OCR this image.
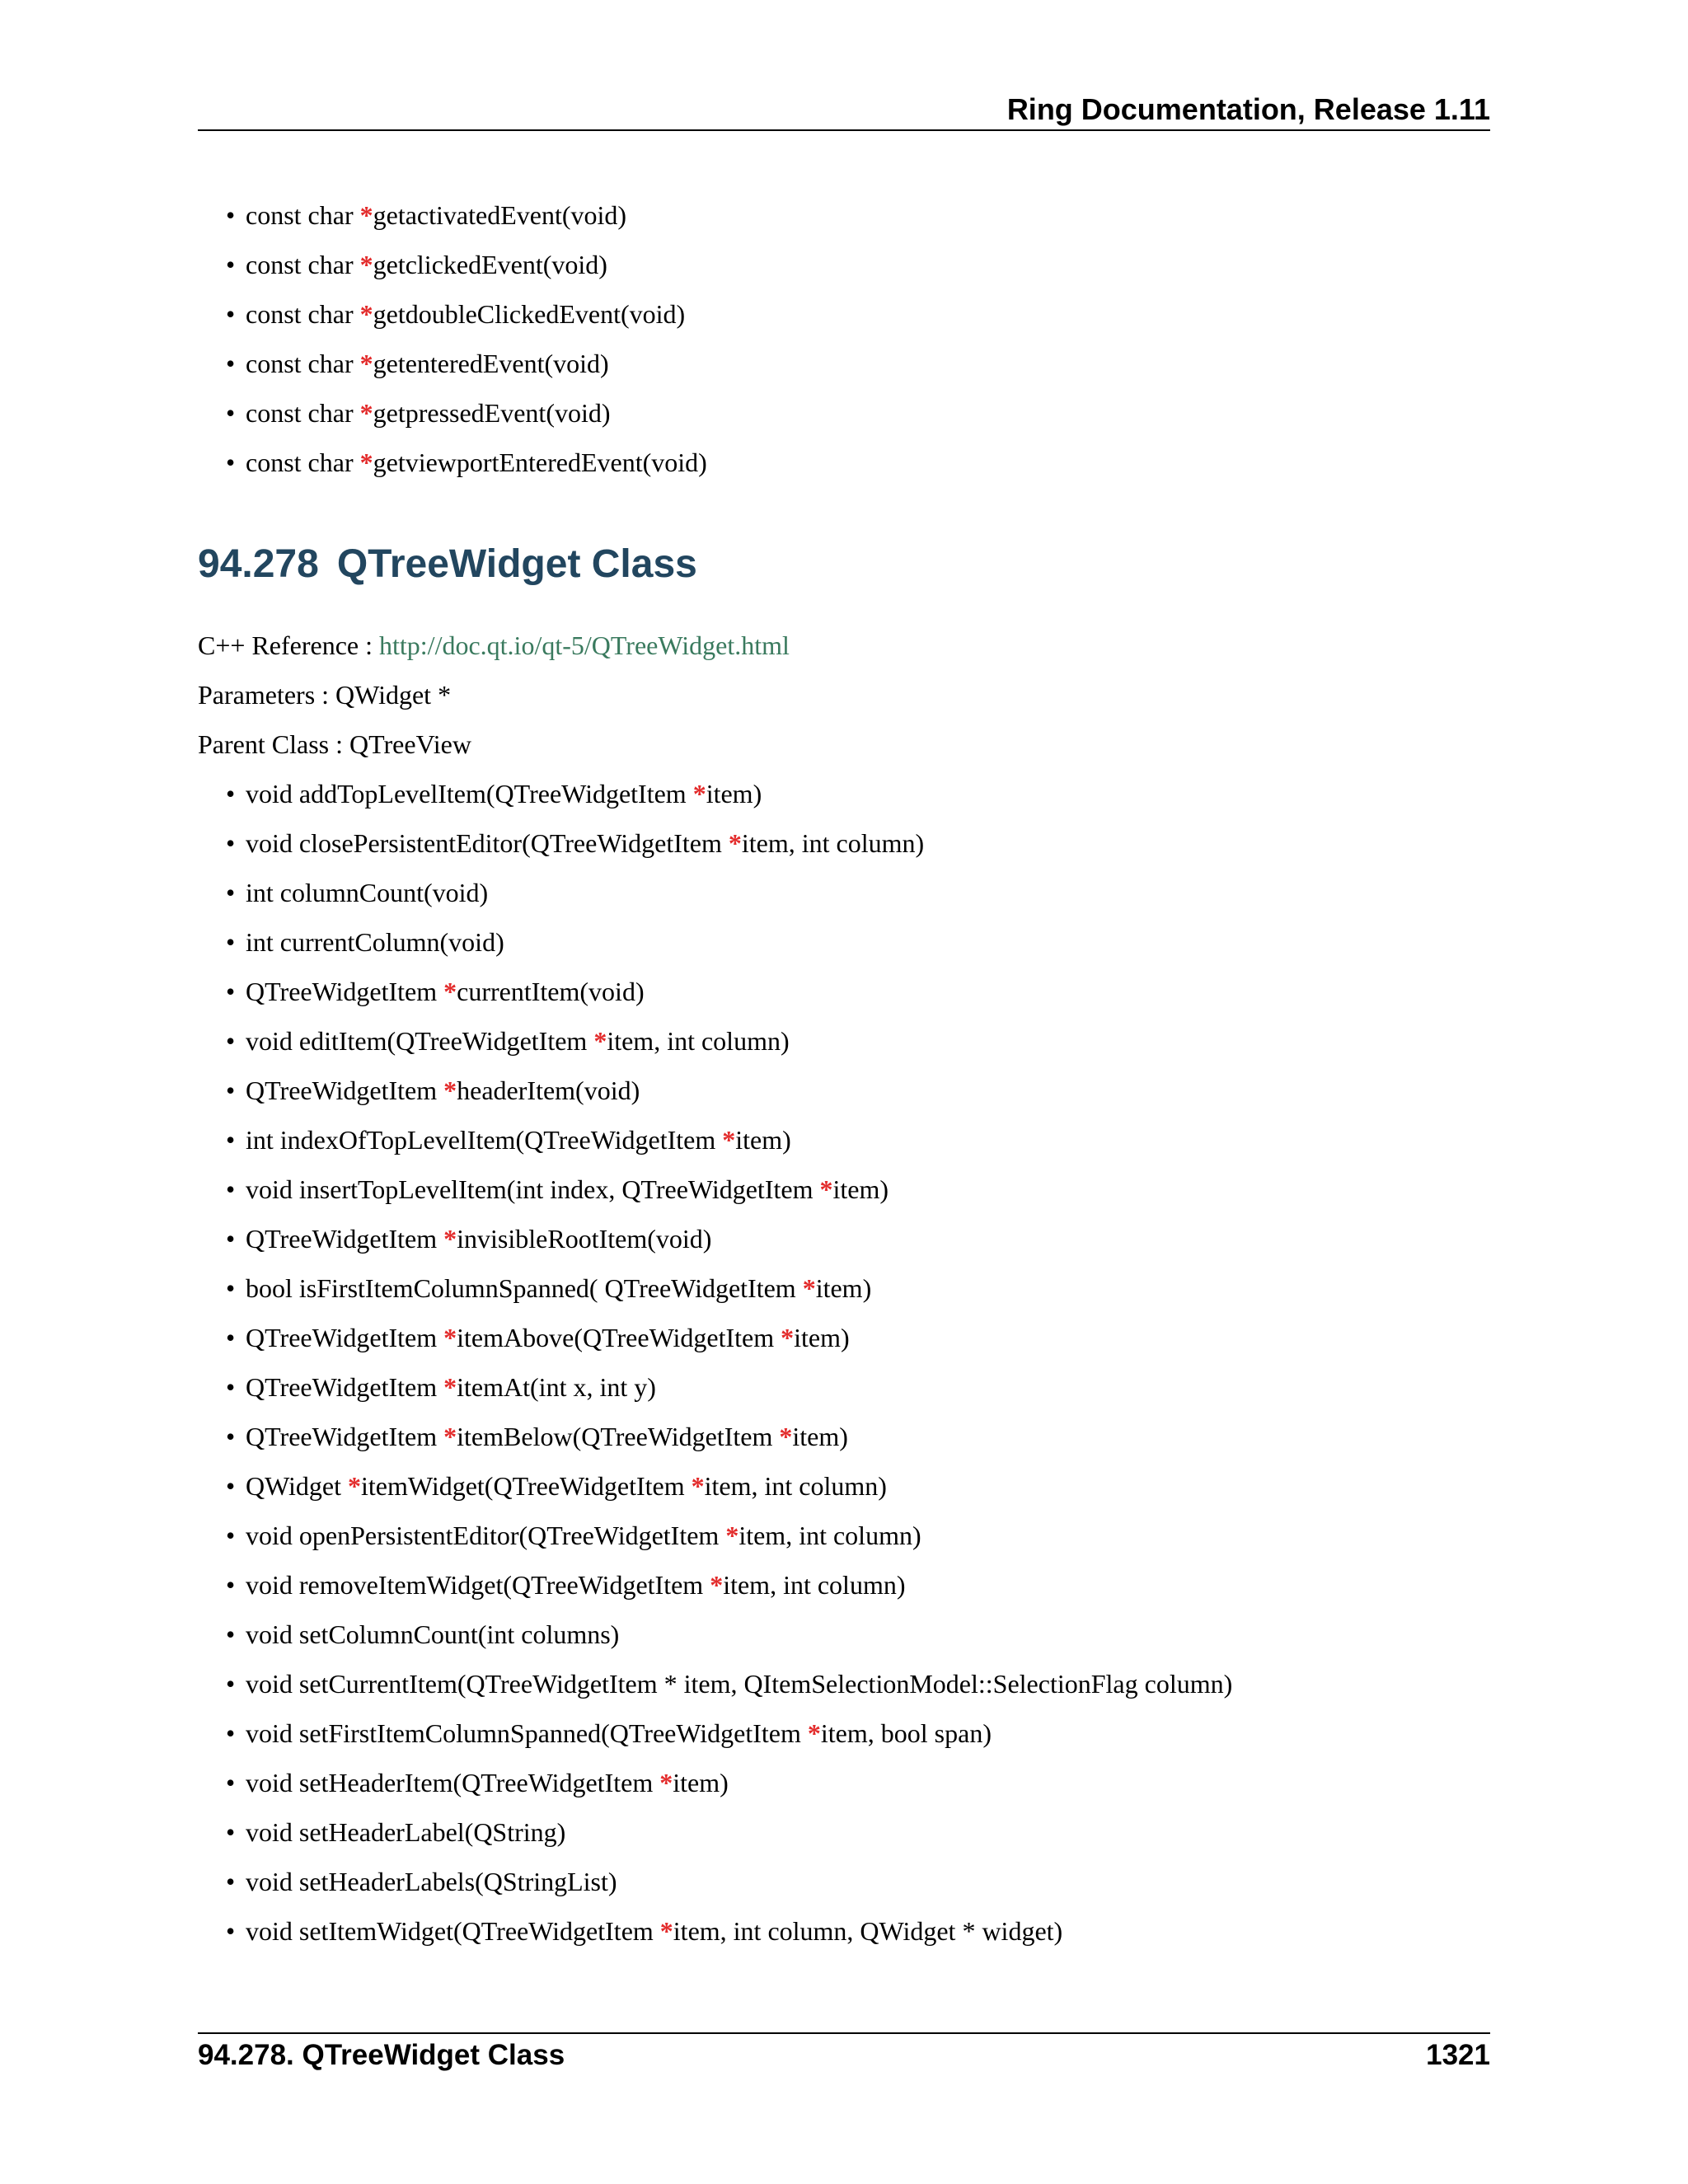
Ring Documentation, Release 1.11
• const char *getactivatedEvent(void)
• const char *getclickedEvent(void)
• const char *getdoubleClickedEvent(void)
• const char *getenteredEvent(void)
• const char *getpressedEvent(void)
• const char *getviewportEnteredEvent(void)
94.278 QTreeWidget Class
C++ Reference : http://doc.qt.io/qt-5/QTreeWidget.html
Parameters : QWidget *
Parent Class : QTreeView
• void addTopLevelItem(QTreeWidgetItem *item)
• void closePersistentEditor(QTreeWidgetItem *item, int column)
• int columnCount(void)
• int currentColumn(void)
• QTreeWidgetItem *currentItem(void)
• void editItem(QTreeWidgetItem *item, int column)
• QTreeWidgetItem *headerItem(void)
• int indexOfTopLevelItem(QTreeWidgetItem *item)
• void insertTopLevelItem(int index, QTreeWidgetItem *item)
• QTreeWidgetItem *invisibleRootItem(void)
• bool isFirstItemColumnSpanned( QTreeWidgetItem *item)
• QTreeWidgetItem *itemAbove(QTreeWidgetItem *item)
• QTreeWidgetItem *itemAt(int x, int y)
• QTreeWidgetItem *itemBelow(QTreeWidgetItem *item)
• QWidget *itemWidget(QTreeWidgetItem *item, int column)
• void openPersistentEditor(QTreeWidgetItem *item, int column)
• void removeItemWidget(QTreeWidgetItem *item, int column)
• void setColumnCount(int columns)
• void setCurrentItem(QTreeWidgetItem * item, QItemSelectionModel::SelectionFlag column)
• void setFirstItemColumnSpanned(QTreeWidgetItem *item, bool span)
• void setHeaderItem(QTreeWidgetItem *item)
• void setHeaderLabel(QString)
• void setHeaderLabels(QStringList)
• void setItemWidget(QTreeWidgetItem *item, int column, QWidget * widget)
94.278. QTreeWidget Class	1321
